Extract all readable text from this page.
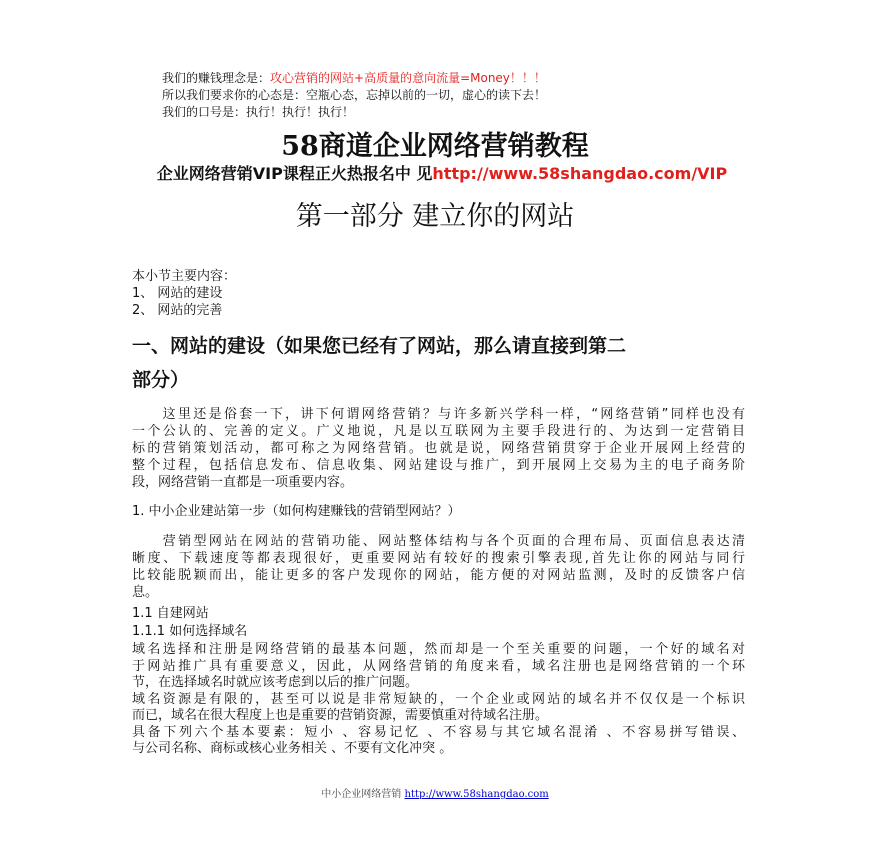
我们的赚钱理念是：攻心营销的网站+高质量的意向流量=Money！！！
所以我们要求你的心态是：空瓶心态，忘掉以前的一切，虚心的读下去！
我们的口号是：执行！执行！执行！
58商道企业网络营销教程
企业网络营销VIP课程正火热报名中 见http://www.58shangdao.com/VIP
第一部分 建立你的网站
本小节主要内容：
1、 网站的建设
2、 网站的完善
一、网站的建设（如果您已经有了网站，那么请直接到第二
部分）
　　这里还是俗套一下，讲下何谓网络营销？与许多新兴学科一样，“网络营销”同样也没有
一个公认的、完善的定义。广义地说，凡是以互联网为主要手段进行的、为达到一定营销目
标的营销策划活动，都可称之为网络营销。也就是说，网络营销贯穿于企业开展网上经营的
整个过程，包括信息发布、信息收集、网站建设与推广，到开展网上交易为主的电子商务阶
段，网络营销一直都是一项重要内容。
1. 中小企业建站第一步（如何构建赚钱的营销型网站？）
　　营销型网站在网站的营销功能、网站整体结构与各个页面的合理布局、页面信息表达清
晰度、下载速度等都表现很好，更重要网站有较好的搜索引擎表现,首先让你的网站与同行
比较能脱颖而出，能让更多的客户发现你的网站，能方便的对网站监测，及时的反馈客户信
息。
1.1 自建网站
1.1.1 如何选择域名
域名选择和注册是网络营销的最基本问题，然而却是一个至关重要的问题，一个好的域名对
于网站推广具有重要意义，因此，从网络营销的角度来看，域名注册也是网络营销的一个环
节，在选择域名时就应该考虑到以后的推广问题。
域名资源是有限的，甚至可以说是非常短缺的，一个企业或网站的域名并不仅仅是一个标识
而已，域名在很大程度上也是重要的营销资源，需要慎重对待域名注册。
具备下列六个基本要素：短小 、容易记忆 、不容易与其它域名混淆 、不容易拼写错误、
与公司名称、商标或核心业务相关 、不要有文化冲突 。
中小企业网络营销 http://www.58shangdao.com
